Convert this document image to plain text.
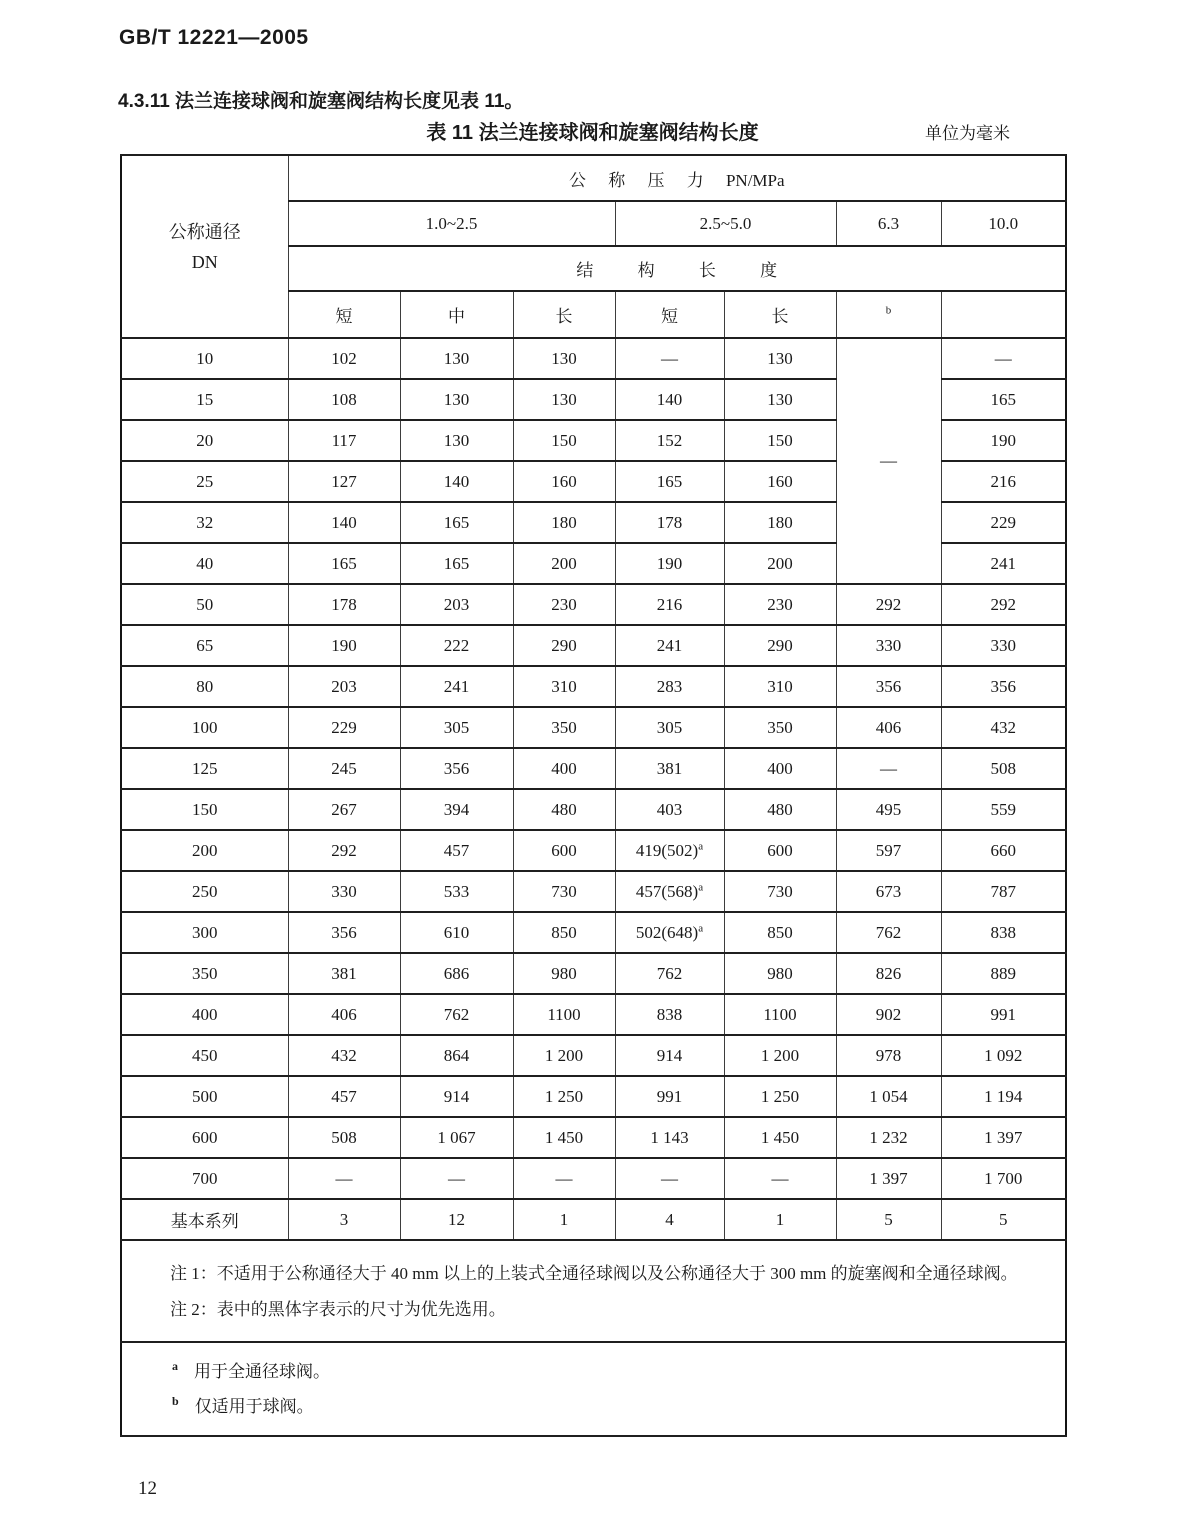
GB/T 12221—2005
4.3.11 法兰连接球阀和旋塞阀结构长度见表 11。
表 11 法兰连接球阀和旋塞阀结构长度	单位为毫米
公称通径
DN	公 称 压 力 PN/MPa						
	1.0~2.5			2.5~5.0		6.3	10.0
	结 构 长 度						
	短	中	长	短	长	$^b$	
10	102	130	130	—	130	—	—
15	108	130	130	140	130		165
20	117	130	150	152	150		190
25	127	140	160	165	160		216
32	140	165	180	178	180		229
40	165	165	200	190	200		241
50	178	203	230	216	230	292	292
65	190	222	290	241	290	330	330
80	203	241	310	283	310	356	356
100	229	305	350	305	350	406	432
125	245	356	400	381	400	—	508
150	267	394	480	403	480	495	559
200	292	457	600	$419(502)^a$	600	597	660
250	330	533	730	$457(568)^a$	730	673	787
300	356	610	850	$502(648)^a$	850	762	838
350	381	686	980	762	980	826	889
400	406	762	1100	838	1100	902	991
450	432	864	1 200	914	1 200	978	1 092
500	457	914	1 250	991	1 250	1 054	1 194
600	508	1 067	1 450	1 143	1 450	1 232	1 397
700	—	—	—	—	—	1 397	1 700
基本系列	3	12	1	4	1	5	5

注 1：不适用于公称通径大于 40 mm 以上的上装式全通径球阀以及公称通径大于 300 mm 的旋塞阀和全通径球阀。

注 2：表中的黑体字表示的尺寸为优先选用。							

$^a$ 用于全通径球阀。
$^b$ 仅适用于球阀。							
12
